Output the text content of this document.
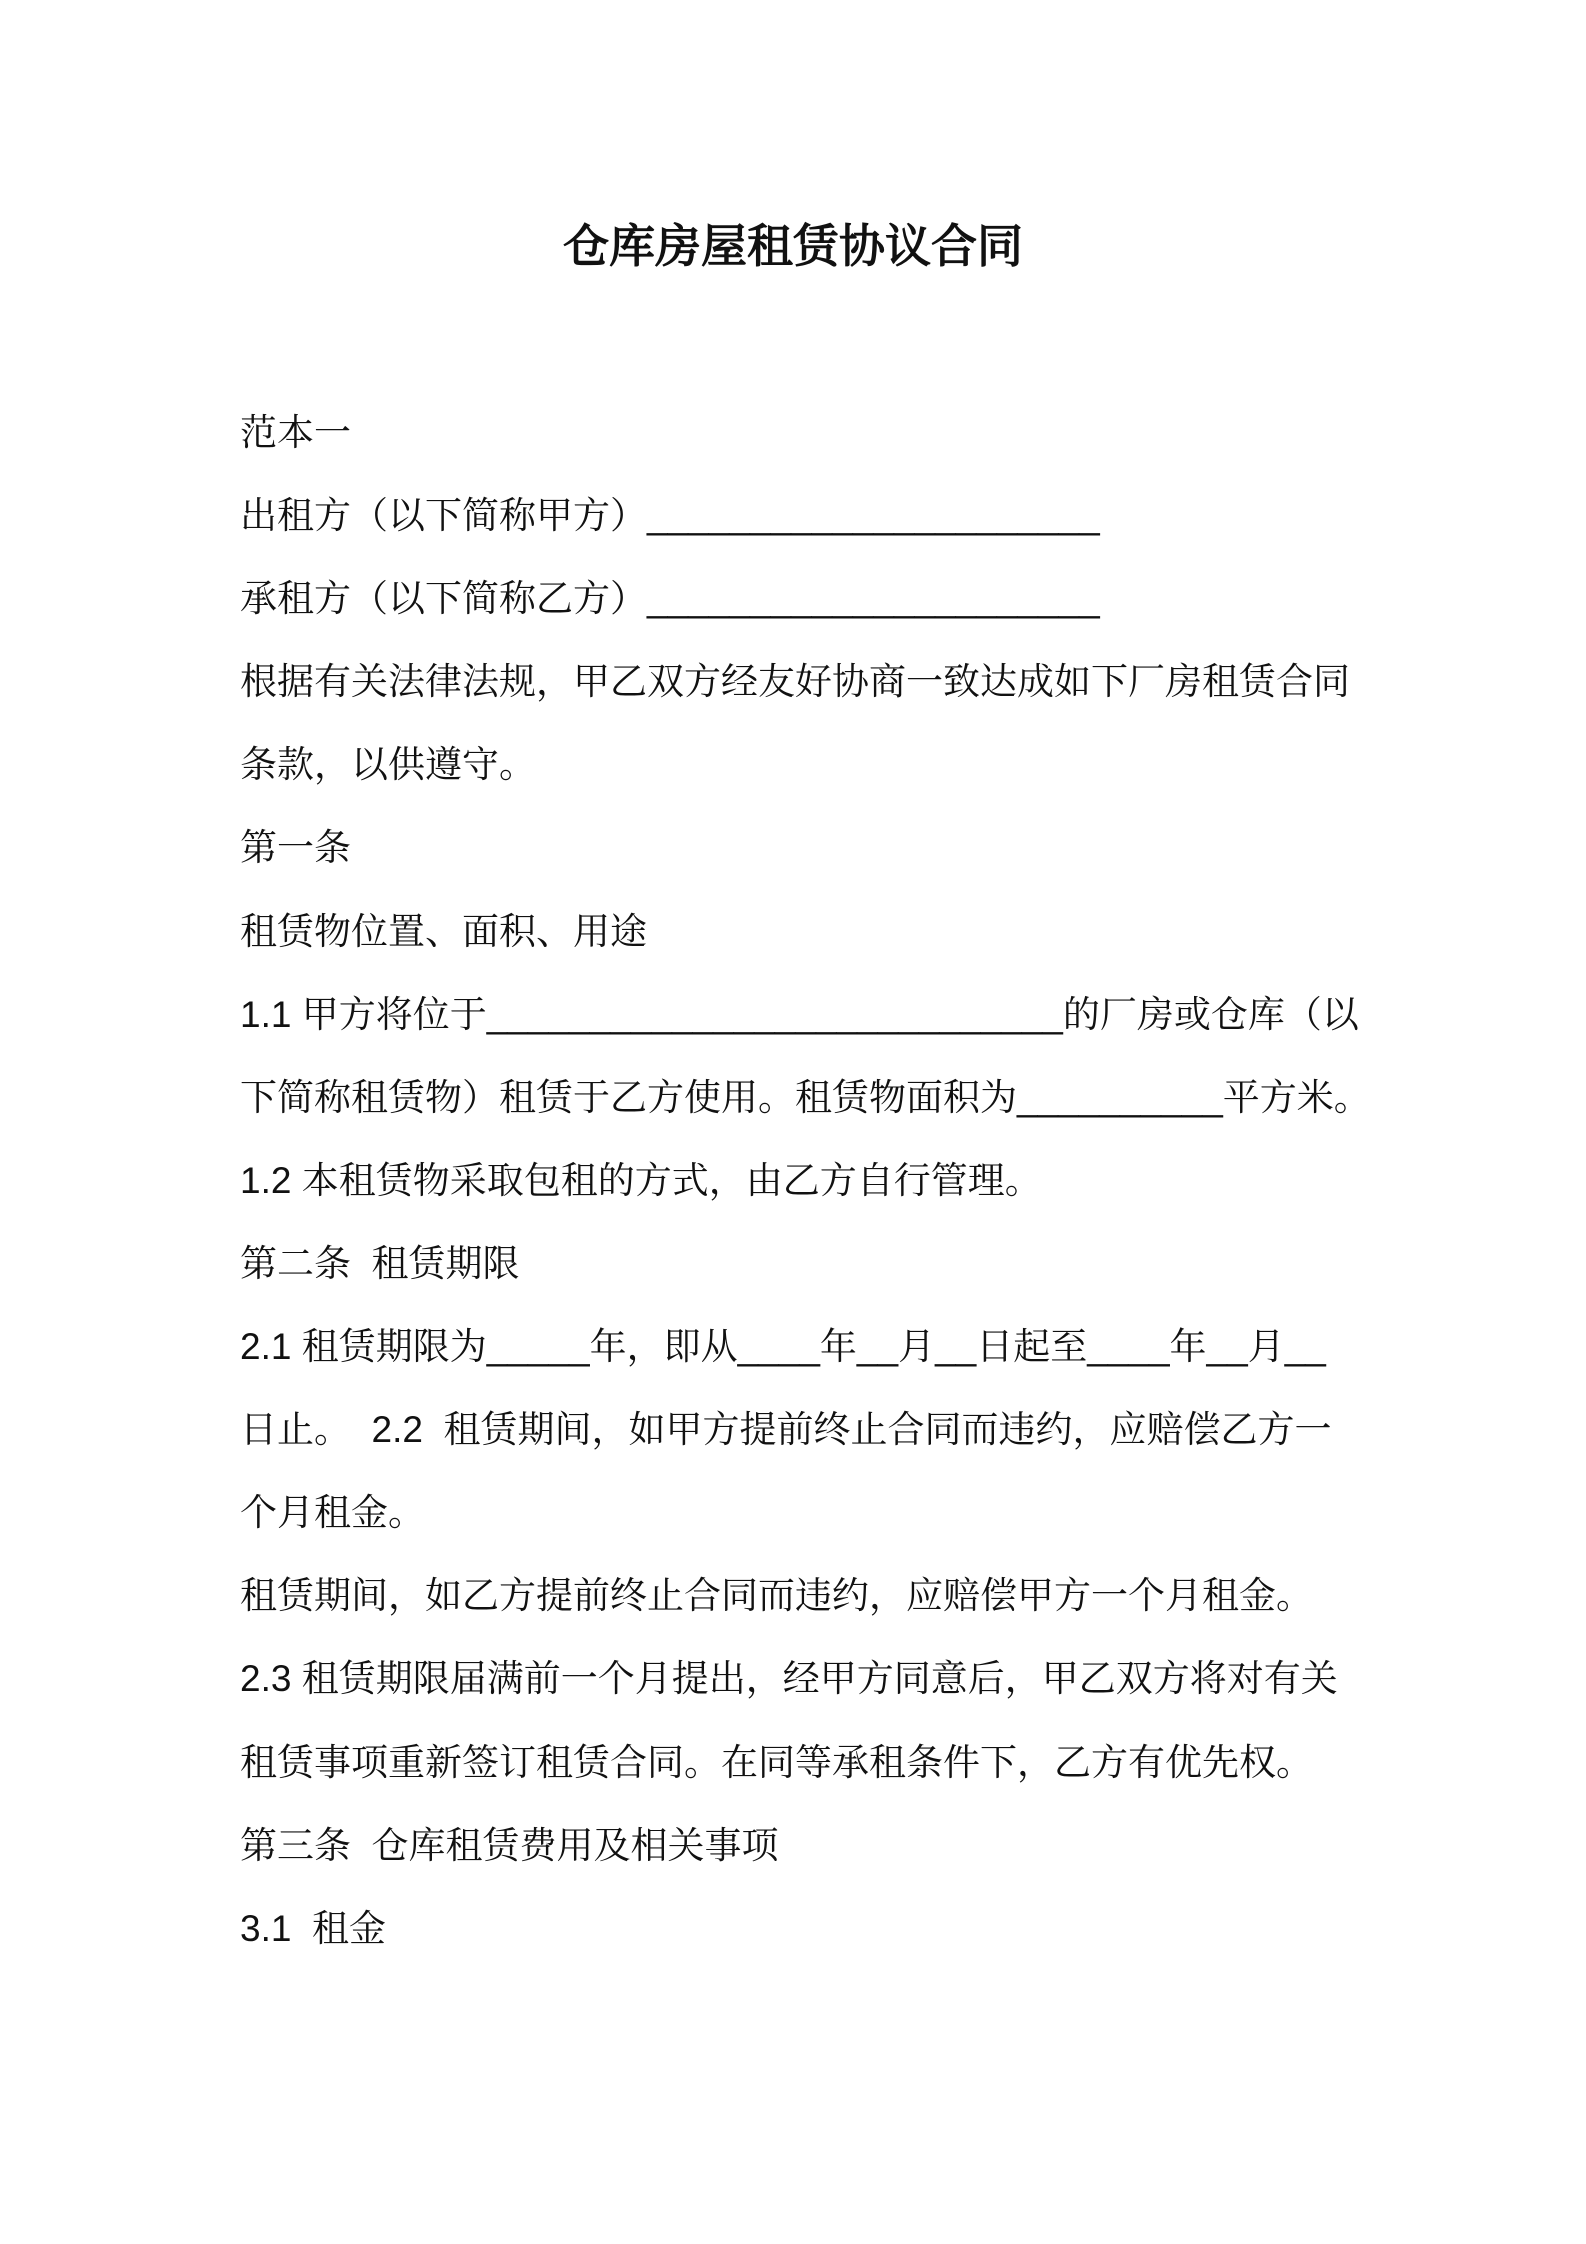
仓库房屋租赁协议合同

范本一

出租方（以下简称甲方）______________________

承租方（以下简称乙方）______________________

根据有关法律法规，甲乙双方经友好协商一致达成如下厂房租赁合同

条款，以供遵守。

第一条

租赁物位置、面积、用途

1.1 甲方将位于____________________________的厂房或仓库（以

下简称租赁物）租赁于乙方使用。租赁物面积为__________平方米。

1.2 本租赁物采取包租的方式，由乙方自行管理。

第二条  租赁期限

2.1 租赁期限为_____年，即从____年__月__日起至____年__月__

日止。  2.2  租赁期间，如甲方提前终止合同而违约，应赔偿乙方一

个月租金。

租赁期间，如乙方提前终止合同而违约，应赔偿甲方一个月租金。

2.3 租赁期限届满前一个月提出，经甲方同意后，甲乙双方将对有关

租赁事项重新签订租赁合同。在同等承租条件下，乙方有优先权。

第三条  仓库租赁费用及相关事项

3.1  租金
